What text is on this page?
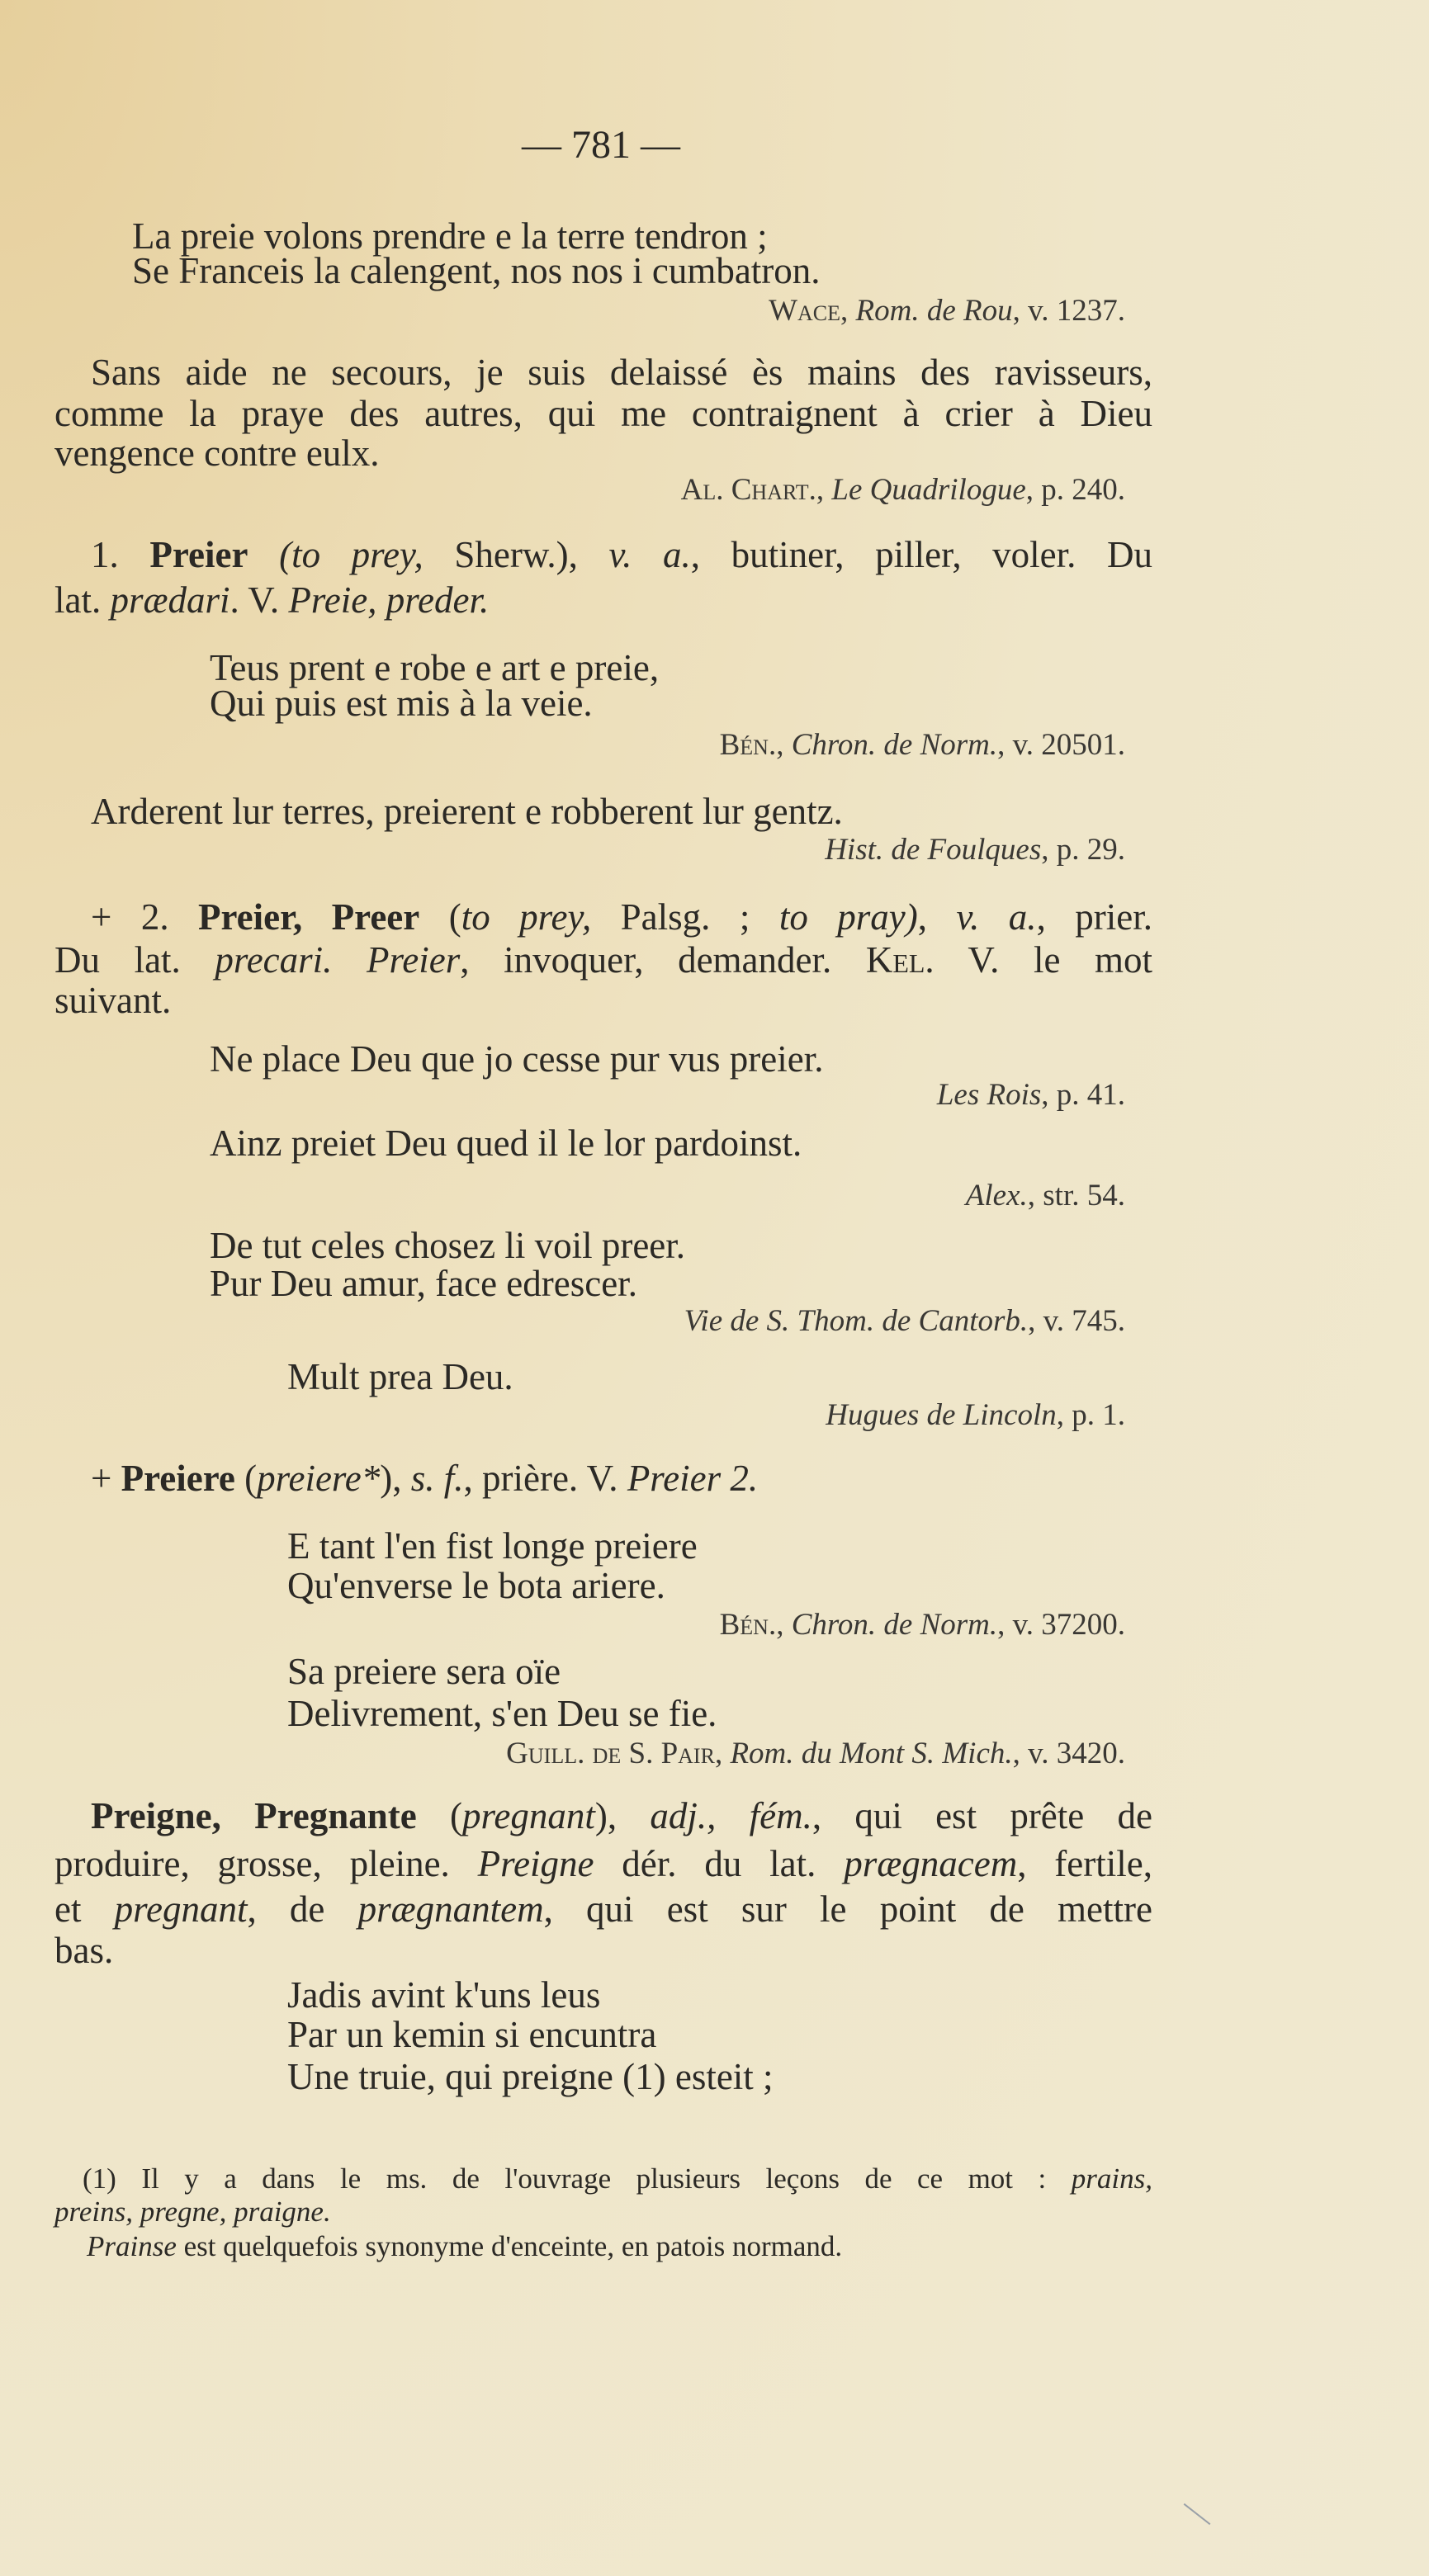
— 781 —
La preie volons prendre e la terre tendron ;
Se Franceis la calengent, nos nos i cumbatron.
Wace, Rom. de Rou, v. 1237.
Sans aide ne secours, je suis delaissé ès mains des ravisseurs,
comme la praye des autres, qui me contraignent à crier à Dieu
vengence contre eulx.
Al. Chart., Le Quadrilogue, p. 240.
1. Preier (to prey, Sherw.), v. a., butiner, piller, voler. Du
lat. prædari. V. Preie, preder.
Teus prent e robe e art e preie,
Qui puis est mis à la veie.
Bén., Chron. de Norm., v. 20501.
Arderent lur terres, preierent e robberent lur gentz.
Hist. de Foulques, p. 29.
+ 2. Preier, Preer (to prey, Palsg. ; to pray), v. a., prier.
Du lat. precari. Preier, invoquer, demander. Kel. V. le mot
suivant.
Ne place Deu que jo cesse pur vus preier.
Les Rois, p. 41.
Ainz preiet Deu qued il le lor pardoinst.
Alex., str. 54.
De tut celes chosez li voil preer.
Pur Deu amur, face edrescer.
Vie de S. Thom. de Cantorb., v. 745.
Mult prea Deu.
Hugues de Lincoln, p. 1.
+ Preiere (preiere*), s. f., prière. V. Preier 2.
E tant l'en fist longe preiere
Qu'enverse le bota ariere.
Bén., Chron. de Norm., v. 37200.
Sa preiere sera oïe
Delivrement, s'en Deu se fie.
Guill. de S. Pair, Rom. du Mont S. Mich., v. 3420.
Preigne, Pregnante (pregnant), adj., fém., qui est prête de
produire, grosse, pleine. Preigne dér. du lat. prægnacem, fertile,
et pregnant, de prægnantem, qui est sur le point de mettre
bas.
Jadis avint k'uns leus
Par un kemin si encuntra
Une truie, qui preigne (1) esteit ;
(1) Il y a dans le ms. de l'ouvrage plusieurs leçons de ce mot : prains,
preins, pregne, praigne.
Prainse est quelquefois synonyme d'enceinte, en patois normand.
